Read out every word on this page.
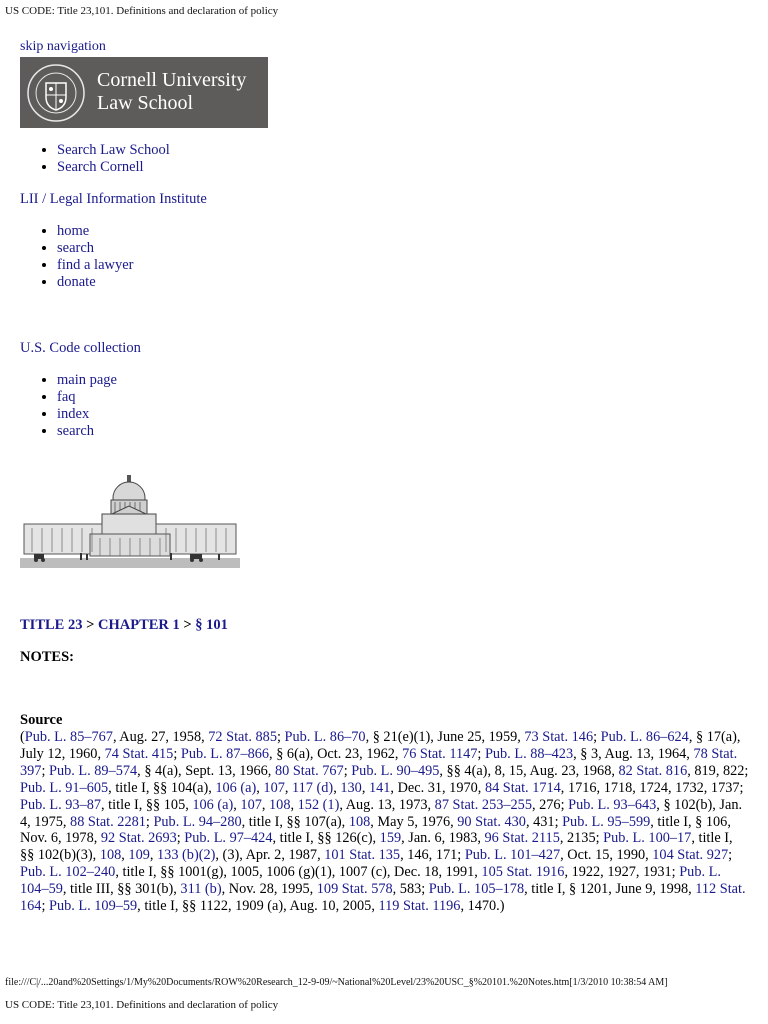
US CODE: Title 23,101. Definitions and declaration of policy
skip navigation
Cornell University
Law School
• Search Law School
• Search Cornell
LII / Legal Information Institute
• home
• search
• find a lawyer
• donate
U.S. Code collection
• main page
• faq
• index
• search
TITLE 23 > CHAPTER 1 > § 101
NOTES:
Source
(Pub. L. 85–767, Aug. 27, 1958, 72 Stat. 885; Pub. L. 86–70, § 21(e)(1), June 25, 1959, 73 Stat. 146; Pub. L. 86–624, § 17(a), July 12, 1960, 74 Stat. 415; Pub. L. 87–866, § 6(a), Oct. 23, 1962, 76 Stat. 1147; Pub. L. 88–423, § 3, Aug. 13, 1964, 78 Stat. 397; Pub. L. 89–574, § 4(a), Sept. 13, 1966, 80 Stat. 767; Pub. L. 90–495, §§ 4(a), 8, 15, Aug. 23, 1968, 82 Stat. 816, 819, 822; Pub. L. 91–605, title I, §§ 104(a), 106 (a), 107, 117 (d), 130, 141, Dec. 31, 1970, 84 Stat. 1714, 1716, 1718, 1724, 1732, 1737; Pub. L. 93–87, title I, §§ 105, 106 (a), 107, 108, 152 (1), Aug. 13, 1973, 87 Stat. 253–255, 276; Pub. L. 93–643, § 102(b), Jan. 4, 1975, 88 Stat. 2281; Pub. L. 94–280, title I, §§ 107(a), 108, May 5, 1976, 90 Stat. 430, 431; Pub. L. 95–599, title I, § 106, Nov. 6, 1978, 92 Stat. 2693; Pub. L. 97–424, title I, §§ 126(c), 159, Jan. 6, 1983, 96 Stat. 2115, 2135; Pub. L. 100–17, title I, §§ 102(b)(3), 108, 109, 133 (b)(2), (3), Apr. 2, 1987, 101 Stat. 135, 146, 171; Pub. L. 101–427, Oct. 15, 1990, 104 Stat. 927; Pub. L. 102–240, title I, §§ 1001(g), 1005, 1006 (g)(1), 1007 (c), Dec. 18, 1991, 105 Stat. 1916, 1922, 1927, 1931; Pub. L. 104–59, title III, §§ 301(b), 311 (b), Nov. 28, 1995, 109 Stat. 578, 583; Pub. L. 105–178, title I, § 1201, June 9, 1998, 112 Stat. 164; Pub. L. 109–59, title I, §§ 1122, 1909 (a), Aug. 10, 2005, 119 Stat. 1196, 1470.)
file:///C|/...20and%20Settings/1/My%20Documents/ROW%20Research_12-9-09/~National%20Level/23%20USC_§%20101.%20Notes.htm[1/3/2010 10:38:54 AM]
US CODE: Title 23,101. Definitions and declaration of policy
